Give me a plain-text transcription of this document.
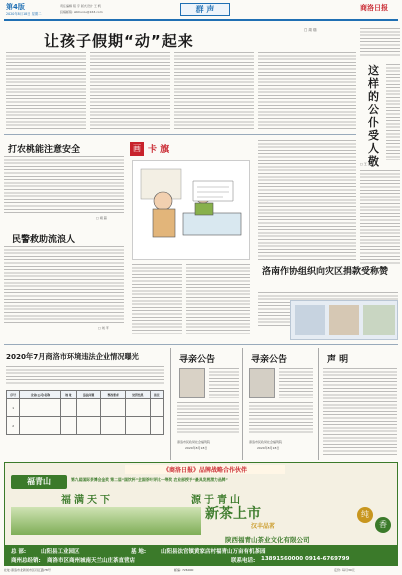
第4版
2020年8月18日 星期二
责任编辑 程 宇 版式设计 王 帆
投稿邮箱: slbhuxiu@163.com	群 声	商洛日报
让孩子假期“动”起来
□ 周 瑞
这样的公仆受人敬
□ 王 远
打农桃能注意安全
□ 胡 超
民警救助流浪人
□ 刘 平
画 卡 旗
洛南作协组织向灾区捐款受称赞
2020年7月商洛市环境违法企业情况曝光
序号	企业(公司)名称	地 址	违法问题	整改要求	处罚结果	备注
1						
2						
寻亲公告
商洛市民政局社会福利院
2020年8月18日
寻亲公告
商洛市民政局社会福利院
2020年8月18日
声 明
《商洛日报》品牌战略合作伙伴
福青山	第九届国际茶博会金奖 第二届“国饮杯”全国茶叶评比一等奖 农业部授予“最具发展潜力品牌”
福满天下	源于青山
新茶上市
汉丰品茗
纯
香
陕西福青山茶业文化有限公司
总 部:	山阳县工业园区	基 地:	山阳县法官镇黄家店村福青山万亩有机茶园
商州总经销: 商洛市区商州城南天兰山庄茶直营店	联系电话: 13891560000 0914-6769799
社址:商洛市北新街市区丹江路78号	邮编: 726000	定价: 每月30元
